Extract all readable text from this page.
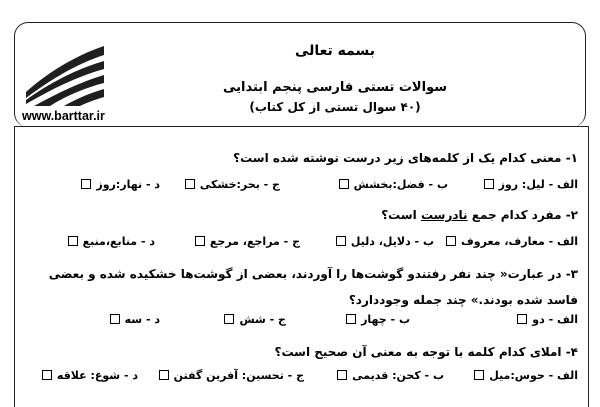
www.barttar.ir
بسمه تعالی
سوالات تستی فارسی پنجم ابتدایی
(۴۰ سوال تستی از کل کتاب)
۱- معنی کدام یک از کلمه‌های زیر درست نوشته شده است؟
الف - لیل: روز
ب - فضل:بخشش
ج - بحر:خشکی
د - نهار:روز
۲- مفرد کدام جمع نادرست است؟
الف - معارف، معروف
ب - دلایل، دلیل
ج - مراجع، مرجع
د - منابع،منبع
۳- در عبارت« چند نفر رفتندو گوشت‌ها را آوردند، بعضی از گوشت‌ها خشکیده شده و بعضی فاسد شده بودند.» چند جمله وجوددارد؟
الف - دو
ب - چهار
ج - شش
د - سه
۴- املای کدام کلمه با توجه به معنی آن صحیح است؟
الف - حوس:میل
ب - کحن: قدیمی
ج - تحسین: آفرین گفتن
د - شوغ: علاقه
